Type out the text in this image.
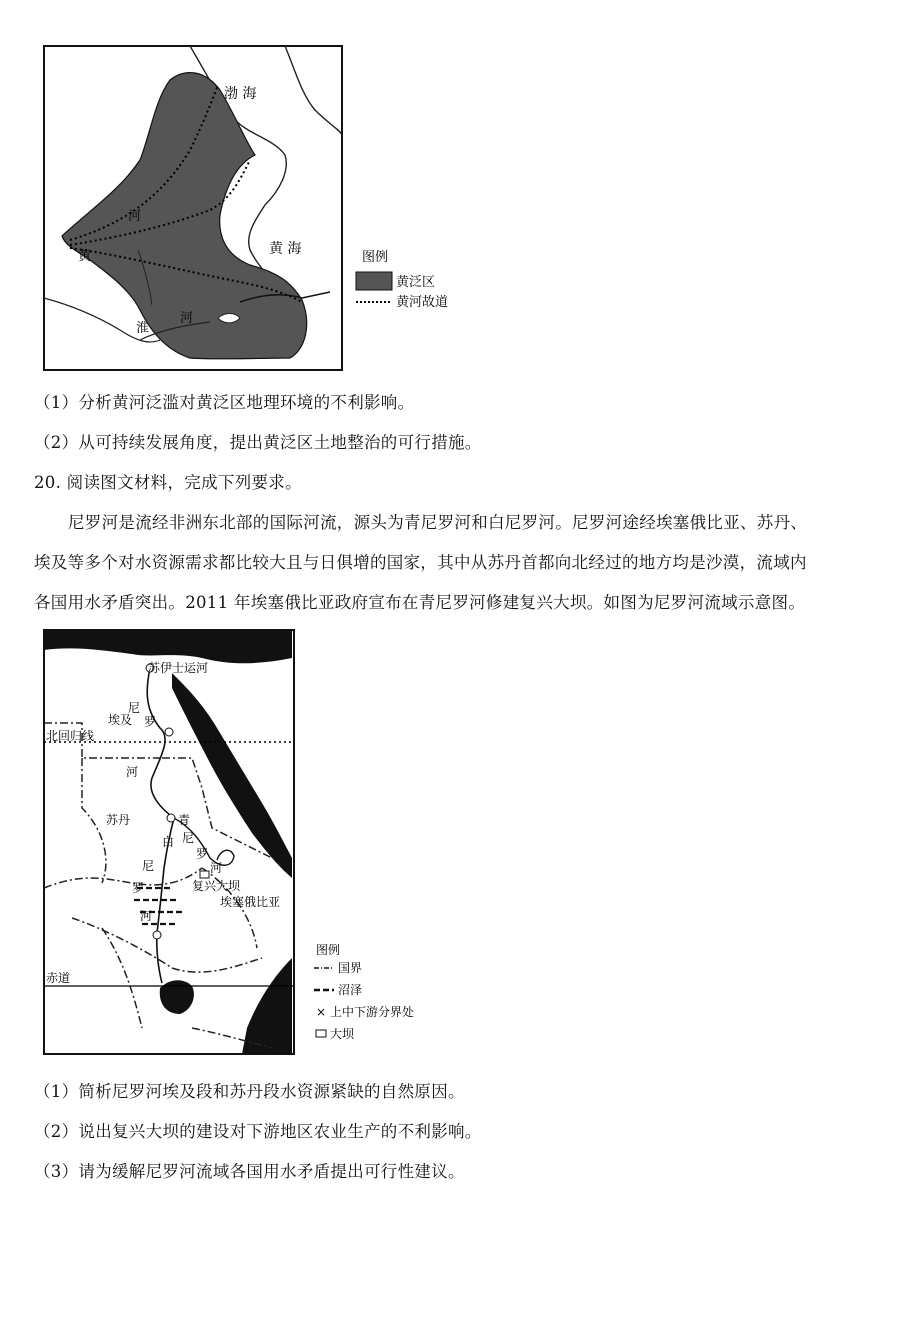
渤 海
黄 海
河
黄
淮
河
图例
黄泛区
黄河故道
（1）分析黄河泛滥对黄泛区地理环境的不利影响。
（2）从可持续发展角度，提出黄泛区土地整治的可行措施。
20. 阅读图文材料，完成下列要求。
尼罗河是流经非洲东北部的国际河流，源头为青尼罗河和白尼罗河。尼罗河途经埃塞俄比亚、苏丹、
埃及等多个对水资源需求都比较大且与日俱增的国家，其中从苏丹首都向北经过的地方均是沙漠，流域内
各国用水矛盾突出。2011 年埃塞俄比亚政府宣布在青尼罗河修建复兴大坝。如图为尼罗河流域示意图。
苏伊士运河
尼
罗
埃及
北回归线
河
苏丹	青
尼
白
罗
河
尼
罗
河
复兴大坝
埃塞俄比亚
赤道
图例
国界
沼泽
× 上中下游分界处
大坝
（1）简析尼罗河埃及段和苏丹段水资源紧缺的自然原因。
（2）说出复兴大坝的建设对下游地区农业生产的不利影响。
（3）请为缓解尼罗河流域各国用水矛盾提出可行性建议。
